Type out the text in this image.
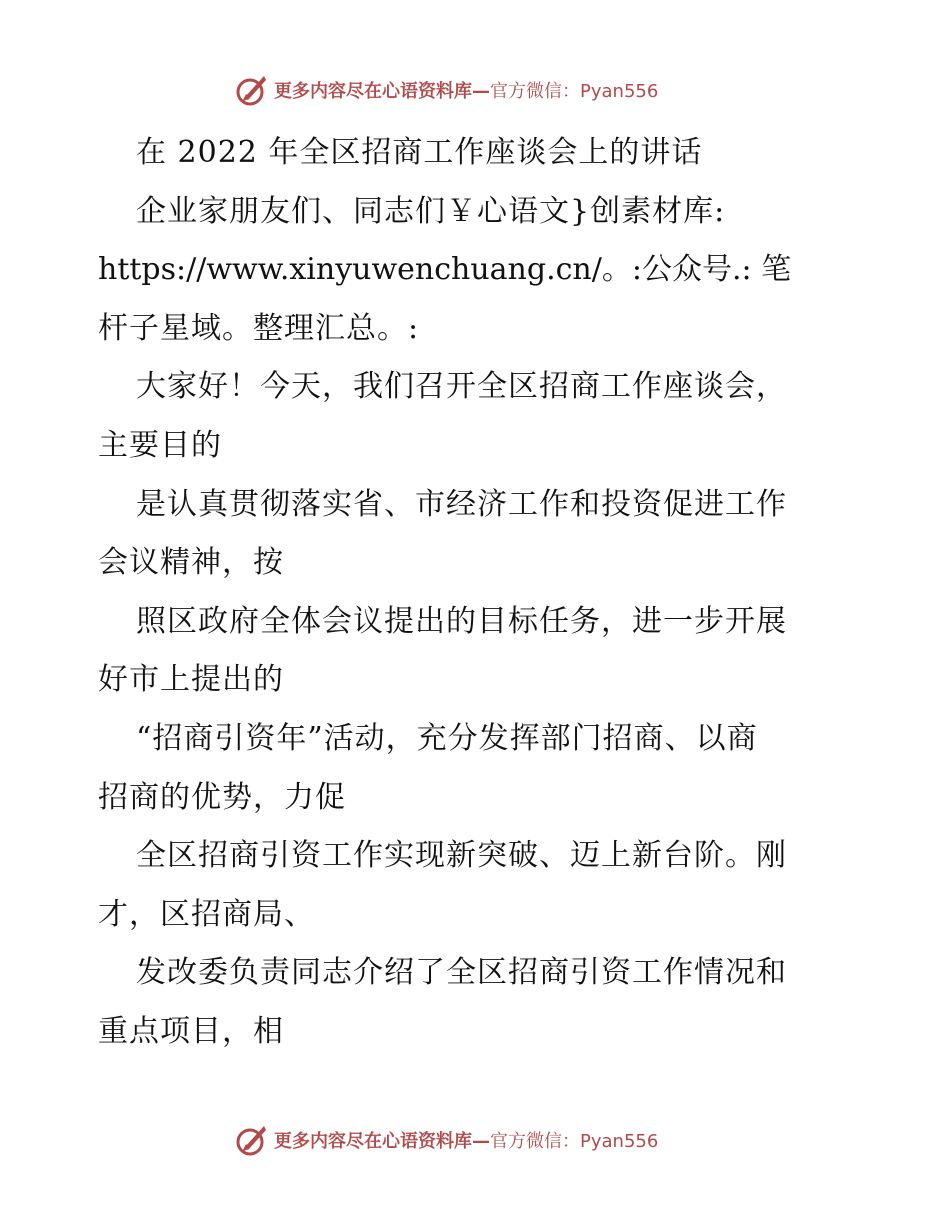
更多内容尽在心语资料库— 官方微信：Pyan556
在 2022 年全区招商工作座谈会上的讲话
企业家朋友们、同志们￥心语文}创素材库:
https://www.xinyuwenchuang.cn/。:公众号.: 笔
杆子星域。整理汇总。:
大家好！今天，我们召开全区招商工作座谈会，
主要目的
是认真贯彻落实省、市经济工作和投资促进工作
会议精神，按
照区政府全体会议提出的目标任务，进一步开展
好市上提出的
“招商引资年”活动，充分发挥部门招商、以商
招商的优势，力促
全区招商引资工作实现新突破、迈上新台阶。刚
才，区招商局、
发改委负责同志介绍了全区招商引资工作情况和
重点项目，相
更多内容尽在心语资料库— 官方微信：Pyan556
